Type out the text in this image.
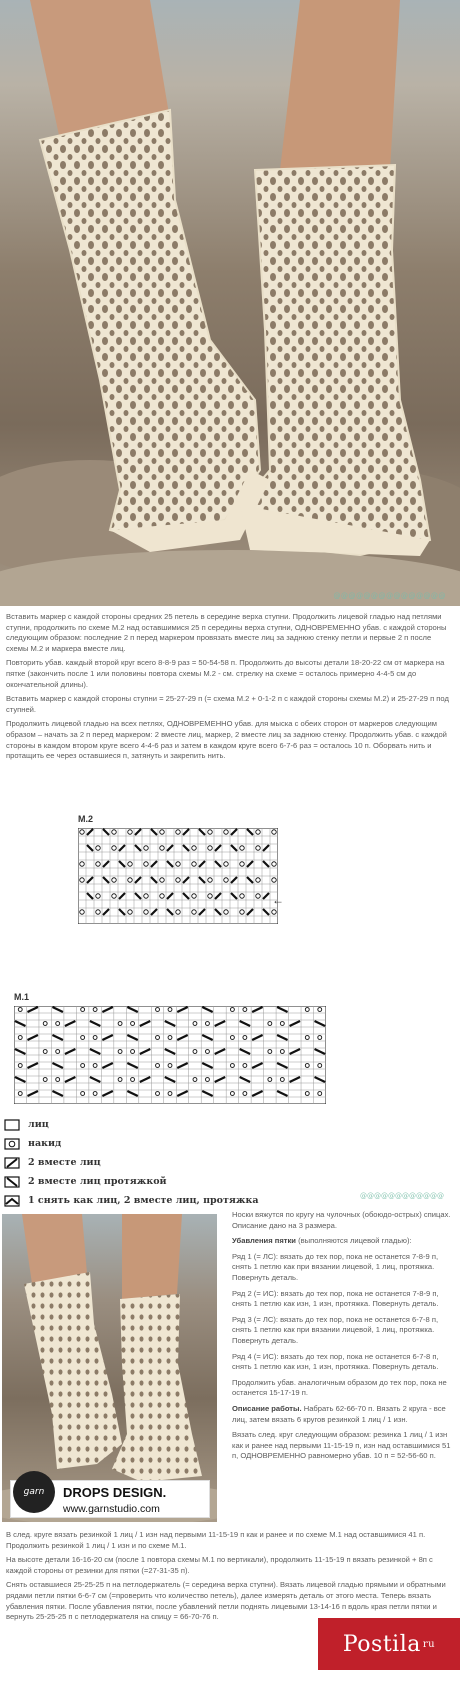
@@@@@@@@@@@@@@@

Вставить маркер с каждой стороны средних 25 петель в середине верха ступни. Продолжить лицевой гладью над петлями ступни, продолжить по схеме M.2 над оставшимися 25 п середины верха ступни, ОДНОВРЕМЕННО убав. с каждой стороны следующим образом: последние 2 п перед маркером провязать вместе лиц за заднюю стенку петли и первые 2 п после схемы M.2 и маркера вместе лиц.

Повторить убав. каждый второй круг всего 8-8-9 раз = 50-54-58 п. Продолжить до высоты детали 18-20-22 см от маркера на пятке (закончить после 1 или половины повтора схемы M.2 - см. стрелку на схеме = осталось примерно 4-4-5 см до окончательной длины).

Вставить маркер с каждой стороны ступни = 25-27-29 п (= схема M.2 + 0-1-2 п с каждой стороны схемы M.2) и 25-27-29 п под ступней.

Продолжить лицевой гладью на всех петлях, ОДНОВРЕМЕННО убав. для мыска с обеих сторон от маркеров следующим образом – начать за 2 п перед маркером: 2 вместе лиц, маркер, 2 вместе лиц за заднюю стенку. Продолжить убав. с каждой стороны в каждом втором круге всего 4-4-6 раз и затем в каждом круге всего 6-7-6 раз = осталось 10 п. Оборвать нить и протащить ее через оставшиеся п, затянуть и закрепить нить.

M.2
←
M.1
лиц
накид
2 вместе лиц
2 вместе лиц протяжкой
1 снять как лиц, 2 вместе лиц, протяжка	@@@@@@@@@@@@
garn	DROPS DESIGN.
www.garnstudio.com

Носки вяжутся по кругу на чулочных (обоюдо-острых) спицах. Описание дано на 3 размера.

Убавления пятки (выполняются лицевой гладью):

Ряд 1 (= ЛС): вязать до тех пор, пока не останется 7-8-9 п, снять 1 петлю как при вязании лицевой, 1 лиц, протяжка. Повернуть деталь.

Ряд 2 (= ИС): вязать до тех пор, пока не останется 7-8-9 п, снять 1 петлю как изн, 1 изн, протяжка. Повернуть деталь.

Ряд 3 (= ЛС): вязать до тех пор, пока не останется 6-7-8 п, снять 1 петлю как при вязании лицевой, 1 лиц, протяжка. Повернуть деталь.

Ряд 4 (= ИС): вязать до тех пор, пока не останется 6-7-8 п, снять 1 петлю как изн, 1 изн, протяжка. Повернуть деталь.

Продолжить убав. аналогичным образом до тех пор, пока не останется 15-17-19 п.

Описание работы. Набрать 62-66-70 п. Вязать 2 круга - все лиц, затем вязать 6 кругов резинкой 1 лиц / 1 изн.

Вязать след. круг следующим образом: резинка 1 лиц / 1 изн как и ранее над первыми 11-15-19 п, изн над оставшимися 51 п, ОДНОВРЕМЕННО равномерно убав. 10 п = 52-56-60 п.

В след. круге вязать резинкой 1 лиц / 1 изн над первыми 11-15-19 п как и ранее и по схеме M.1 над оставшимися 41 п. Продолжить резинкой 1 лиц / 1 изн и по схеме M.1.

На высоте детали 16-16-20 см (после 1 повтора схемы M.1 по вертикали), продолжить 11-15-19 п вязать резинкой + 8п с каждой стороны от резинки для пятки (=27-31-35 п).

Снять оставшиеся 25-25-25 п на петлодержатель (= середина верха ступни). Вязать лицевой гладью прямыми и обратными рядами петли пятки 6-6-7 см (=проверить что количество петель), далее измерять деталь от этого места. Теперь вязать убавления пятки. После убавления пятки, после убавлений петли поднять лицевыми 13-14-16 п вдоль края петли пятки и вернуть 25-25-25 п с петлодержателя на спицу = 66-70-76 п.

Postila ru
